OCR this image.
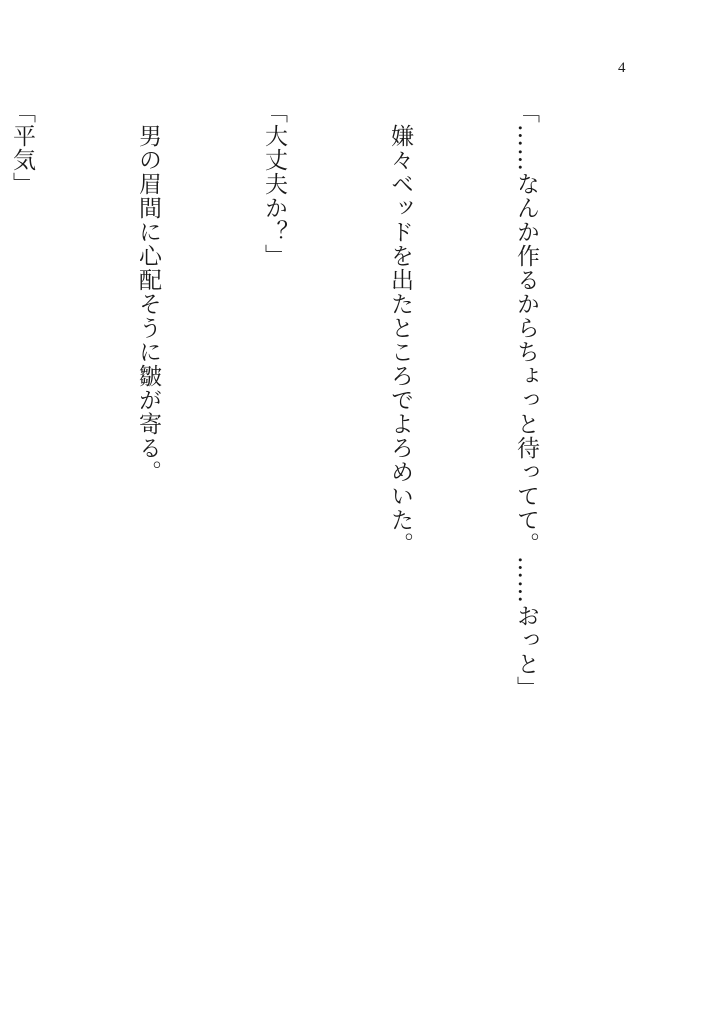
4

「……なんか作るからちょっと待ってて。……おっと」

　嫌々ベッドを出たところでよろめいた。

「大丈夫か？」

　男の眉間に心配そうに皺が寄る。

「平気」
